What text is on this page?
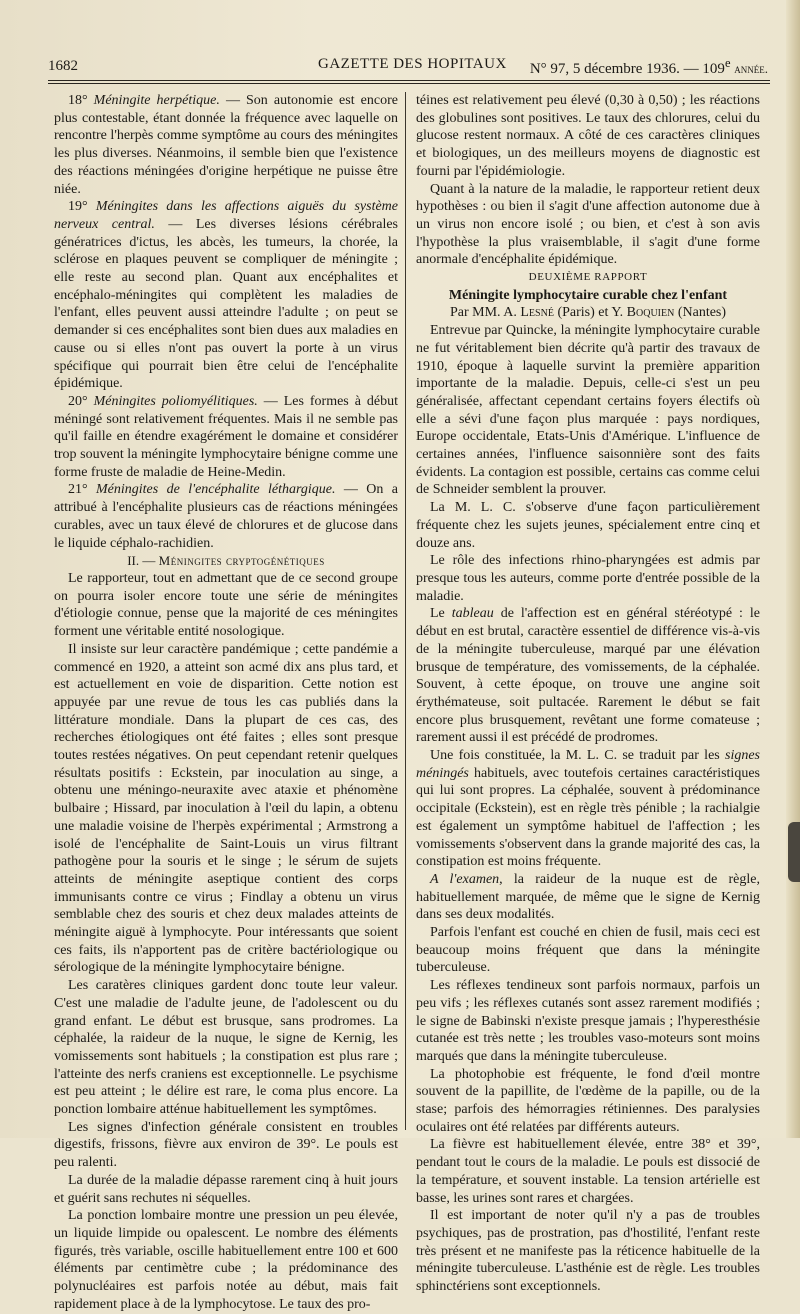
1682	GAZETTE DES HOPITAUX N° 97, 5 décembre 1936. — 109e année.

18° Méningite herpétique. — Son autonomie est encore plus contestable, étant donnée la fréquence avec laquelle on rencontre l'herpès comme symptôme au cours des méningites les plus diverses. Néanmoins, il semble bien que l'existence des réactions méningées d'origine herpétique ne puisse être niée.

19° Méningites dans les affections aiguës du système nerveux central. — Les diverses lésions cérébrales génératrices d'ictus, les abcès, les tumeurs, la chorée, la sclérose en plaques peuvent se compliquer de méningite ; elle reste au second plan. Quant aux encéphalites et encéphalo-méningites qui complètent les maladies de l'enfant, elles peuvent aussi atteindre l'adulte ; on peut se demander si ces encéphalites sont bien dues aux maladies en cause ou si elles n'ont pas ouvert la porte à un virus spécifique qui pourrait bien être celui de l'encéphalite épidémique.

20° Méningites poliomyélitiques. — Les formes à début méningé sont relativement fréquentes. Mais il ne semble pas qu'il faille en étendre exagérément le domaine et considérer trop souvent la méningite lymphocytaire bénigne comme une forme fruste de maladie de Heine-Medin.

21° Méningites de l'encéphalite léthargique. — On a attribué à l'encéphalite plusieurs cas de réactions méningées curables, avec un taux élevé de chlorures et de glucose dans le liquide céphalo-rachidien.

II. — Méningites cryptogénétiques

Le rapporteur, tout en admettant que de ce second groupe on pourra isoler encore toute une série de méningites d'étiologie connue, pense que la majorité de ces méningites forment une véritable entité nosologique.

Il insiste sur leur caractère pandémique ; cette pandémie a commencé en 1920, a atteint son acmé dix ans plus tard, et est actuellement en voie de disparition. Cette notion est appuyée par une revue de tous les cas publiés dans la littérature mondiale. Dans la plupart de ces cas, des recherches étiologiques ont été faites ; elles sont presque toutes restées négatives. On peut cependant retenir quelques résultats positifs : Eckstein, par inoculation au singe, a obtenu une méningo-neuraxite avec ataxie et phénomène bulbaire ; Hissard, par inoculation à l'œil du lapin, a obtenu une maladie voisine de l'herpès expérimental ; Armstrong a isolé de l'encéphalite de Saint-Louis un virus filtrant pathogène pour la souris et le singe ; le sérum de sujets atteints de méningite aseptique contient des corps immunisants contre ce virus ; Findlay a obtenu un virus semblable chez des souris et chez deux malades atteints de méningite aiguë à lymphocyte. Pour intéressants que soient ces faits, ils n'apportent pas de critère bactériologique ou sérologique de la méningite lymphocytaire bénigne.

Les caratères cliniques gardent donc toute leur valeur. C'est une maladie de l'adulte jeune, de l'adolescent ou du grand enfant. Le début est brusque, sans prodromes. La céphalée, la raideur de la nuque, le signe de Kernig, les vomissements sont habituels ; la constipation est plus rare ; l'atteinte des nerfs craniens est exceptionnelle. Le psychisme est peu atteint ; le délire est rare, le coma plus encore. La ponction lombaire atténue habituellement les symptômes.

Les signes d'infection générale consistent en troubles digestifs, frissons, fièvre aux environ de 39°. Le pouls est peu ralenti.

La durée de la maladie dépasse rarement cinq à huit jours et guérit sans rechutes ni séquelles.

La ponction lombaire montre une pression un peu élevée, un liquide limpide ou opalescent. Le nombre des éléments figurés, très variable, oscille habituellement entre 100 et 600 éléments par centimètre cube ; la prédominance des polynucléaires est parfois notée au début, mais fait rapidement place à de la lymphocytose. Le taux des pro-

téines est relativement peu élevé (0,30 à 0,50) ; les réactions des globulines sont positives. Le taux des chlorures, celui du glucose restent normaux. A côté de ces caractères cliniques et biologiques, un des meilleurs moyens de diagnostic est fourni par l'épidémiologie.

Quant à la nature de la maladie, le rapporteur retient deux hypothèses : ou bien il s'agit d'une affection autonome due à un virus non encore isolé ; ou bien, et c'est à son avis l'hypothèse la plus vraisemblable, il s'agit d'une forme anormale d'encéphalite épidémique.

DEUXIÈME RAPPORT

Méningite lymphocytaire curable chez l'enfant

Par MM. A. Lesné (Paris) et Y. Boquien (Nantes)

Entrevue par Quincke, la méningite lymphocytaire curable ne fut véritablement bien décrite qu'à partir des travaux de 1910, époque à laquelle survint la première apparition importante de la maladie. Depuis, celle-ci s'est un peu généralisée, affectant cependant certains foyers électifs où elle a sévi d'une façon plus marquée : pays nordiques, Europe occidentale, Etats-Unis d'Amérique. L'influence de certaines années, l'influence saisonnière sont des faits évidents. La contagion est possible, certains cas comme celui de Schneider semblent la prouver.

La M. L. C. s'observe d'une façon particulièrement fréquente chez les sujets jeunes, spécialement entre cinq et douze ans.

Le rôle des infections rhino-pharyngées est admis par presque tous les auteurs, comme porte d'entrée possible de la maladie.

Le tableau de l'affection est en général stéréotypé : le début en est brutal, caractère essentiel de différence vis-à-vis de la méningite tuberculeuse, marqué par une élévation brusque de température, des vomissements, de la céphalée. Souvent, à cette époque, on trouve une angine soit érythémateuse, soit pultacée. Rarement le début se fait encore plus brusquement, revêtant une forme comateuse ; rarement aussi il est précédé de prodromes.

Une fois constituée, la M. L. C. se traduit par les signes méningés habituels, avec toutefois certaines caractéristiques qui lui sont propres. La céphalée, souvent à prédominance occipitale (Eckstein), est en règle très pénible ; la rachialgie est également un symptôme habituel de l'affection ; les vomissements s'observent dans la grande majorité des cas, la constipation est moins fréquente.

A l'examen, la raideur de la nuque est de règle, habituellement marquée, de même que le signe de Kernig dans ses deux modalités.

Parfois l'enfant est couché en chien de fusil, mais ceci est beaucoup moins fréquent que dans la méningite tuberculeuse.

Les réflexes tendineux sont parfois normaux, parfois un peu vifs ; les réflexes cutanés sont assez rarement modifiés ; le signe de Babinski n'existe presque jamais ; l'hyperesthésie cutanée est très nette ; les troubles vaso-moteurs sont moins marqués que dans la méningite tuberculeuse.

La photophobie est fréquente, le fond d'œil montre souvent de la papillite, de l'œdème de la papille, ou de la stase; parfois des hémorragies rétiniennes. Des paralysies oculaires ont été relatées par différents auteurs.

La fièvre est habituellement élevée, entre 38° et 39°, pendant tout le cours de la maladie. Le pouls est dissocié de la température, et souvent instable. La tension artérielle est basse, les urines sont rares et chargées.

Il est important de noter qu'il n'y a pas de troubles psychiques, pas de prostration, pas d'hostilité, l'enfant reste très présent et ne manifeste pas la réticence habituelle de la méningite tuberculeuse. L'asthénie est de règle. Les troubles sphinctériens sont exceptionnels.
